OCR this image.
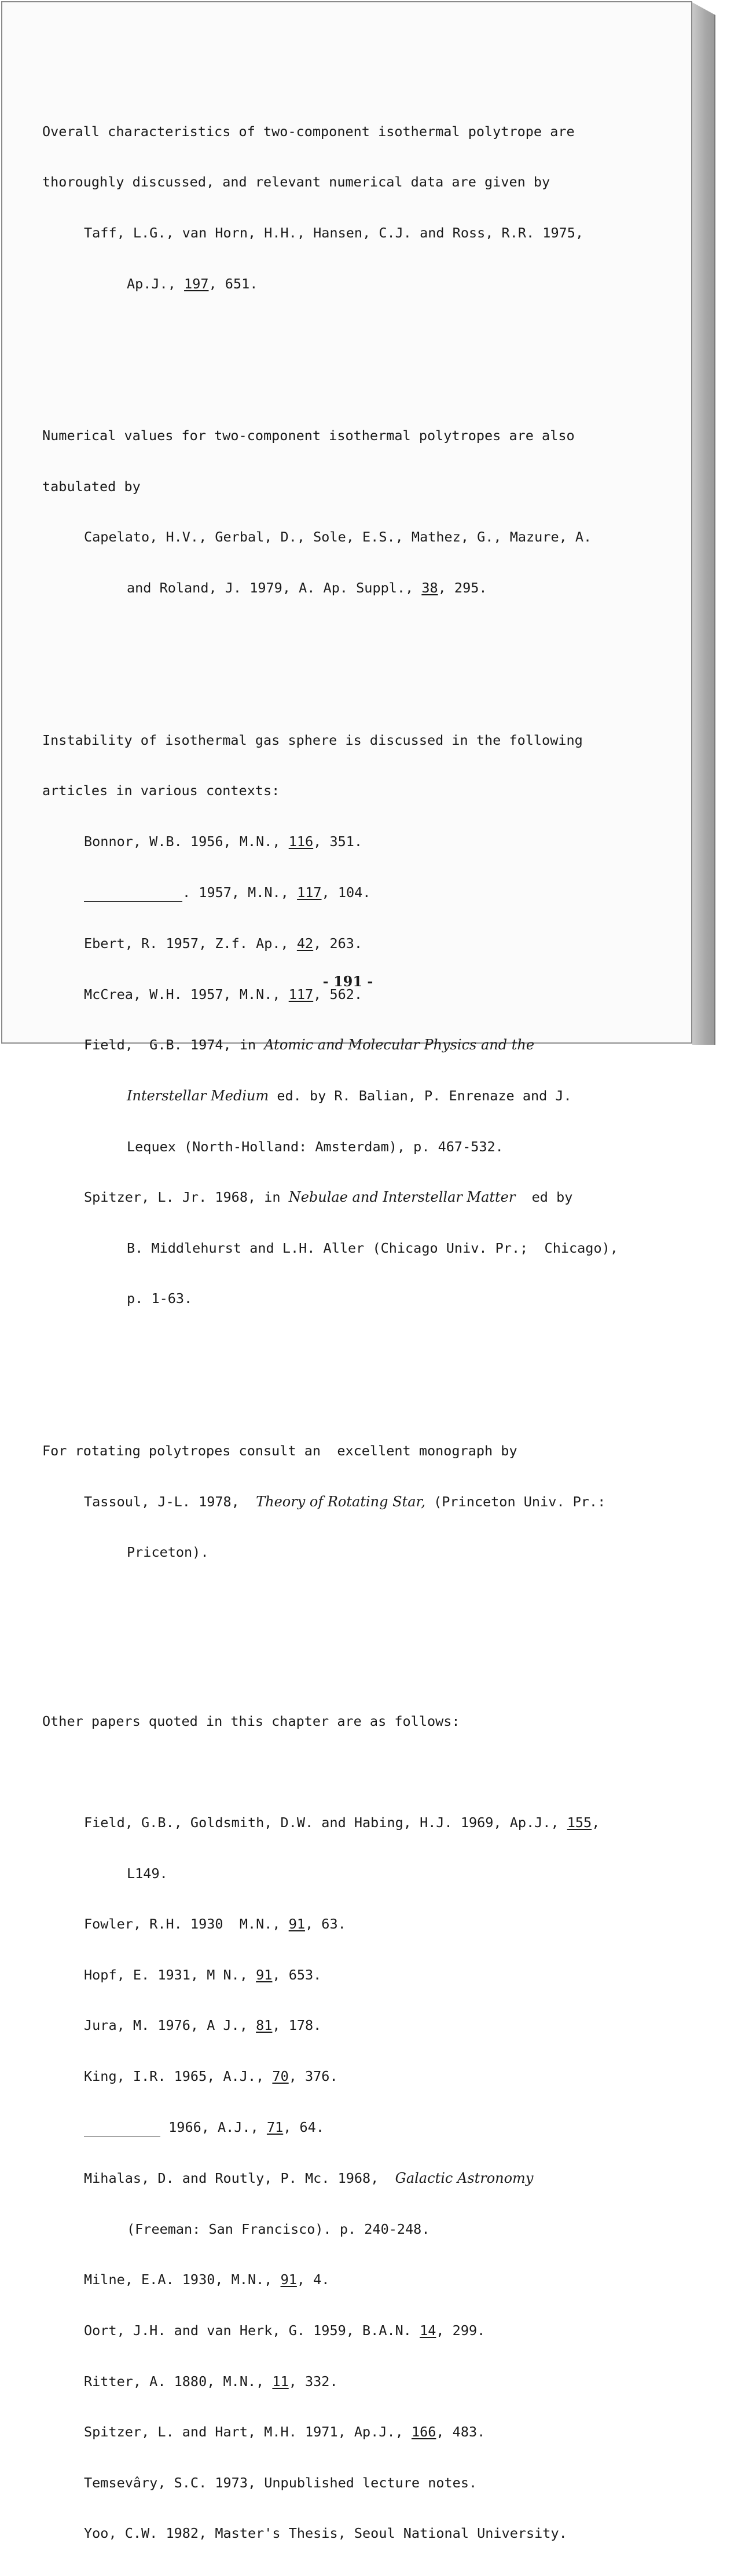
Overall characteristics of two-component isothermal polytrope are

thoroughly discussed, and relevant numerical data are given by

Taff, L.G., van Horn, H.H., Hansen, C.J. and Ross, R.R. 1975,

Ap.J., 197, 651.

Numerical values for two-component isothermal polytropes are also

tabulated by

Capelato, H.V., Gerbal, D., Sole, E.S., Mathez, G., Mazure, A.

and Roland, J. 1979, A. Ap. Suppl., 38, 295.

Instability of isothermal gas sphere is discussed in the following

articles in various contexts:

Bonnor, W.B. 1956, M.N., 116, 351.

. 1957, M.N., 117, 104.

Ebert, R. 1957, Z.f. Ap., 42, 263.

McCrea, W.H. 1957, M.N., 117, 562.

Field,  G.B. 1974, in Atomic and Molecular Physics and the

Interstellar Medium ed. by R. Balian, P. Enrenaze and J.

Lequex (North-Holland: Amsterdam), p. 467-532.

Spitzer, L. Jr. 1968, in Nebulae and Interstellar Matter  ed by

B. Middlehurst and L.H. Aller (Chicago Univ. Pr.;  Chicago),

p. 1-63.

For rotating polytropes consult an  excellent monograph by

Tassoul, J-L. 1978,  Theory of Rotating Star, (Princeton Univ. Pr.:

Priceton).

Other papers quoted in this chapter are as follows:

Field, G.B., Goldsmith, D.W. and Habing, H.J. 1969, Ap.J., 155,

L149.

Fowler, R.H. 1930  M.N., 91, 63.

Hopf, E. 1931, M N., 91, 653.

Jura, M. 1976, A J., 81, 178.

King, I.R. 1965, A.J., 70, 376.

1966, A.J., 71, 64.

Mihalas, D. and Routly, P. Mc. 1968,  Galactic Astronomy

(Freeman: San Francisco). p. 240-248.

Milne, E.A. 1930, M.N., 91, 4.

Oort, J.H. and van Herk, G. 1959, B.A.N. 14, 299.

Ritter, A. 1880, M.N., 11, 332.

Spitzer, L. and Hart, M.H. 1971, Ap.J., 166, 483.

Temsevâry, S.C. 1973, Unpublished lecture notes.

Yoo, C.W. 1982, Master's Thesis, Seoul National University.

- 191 -
